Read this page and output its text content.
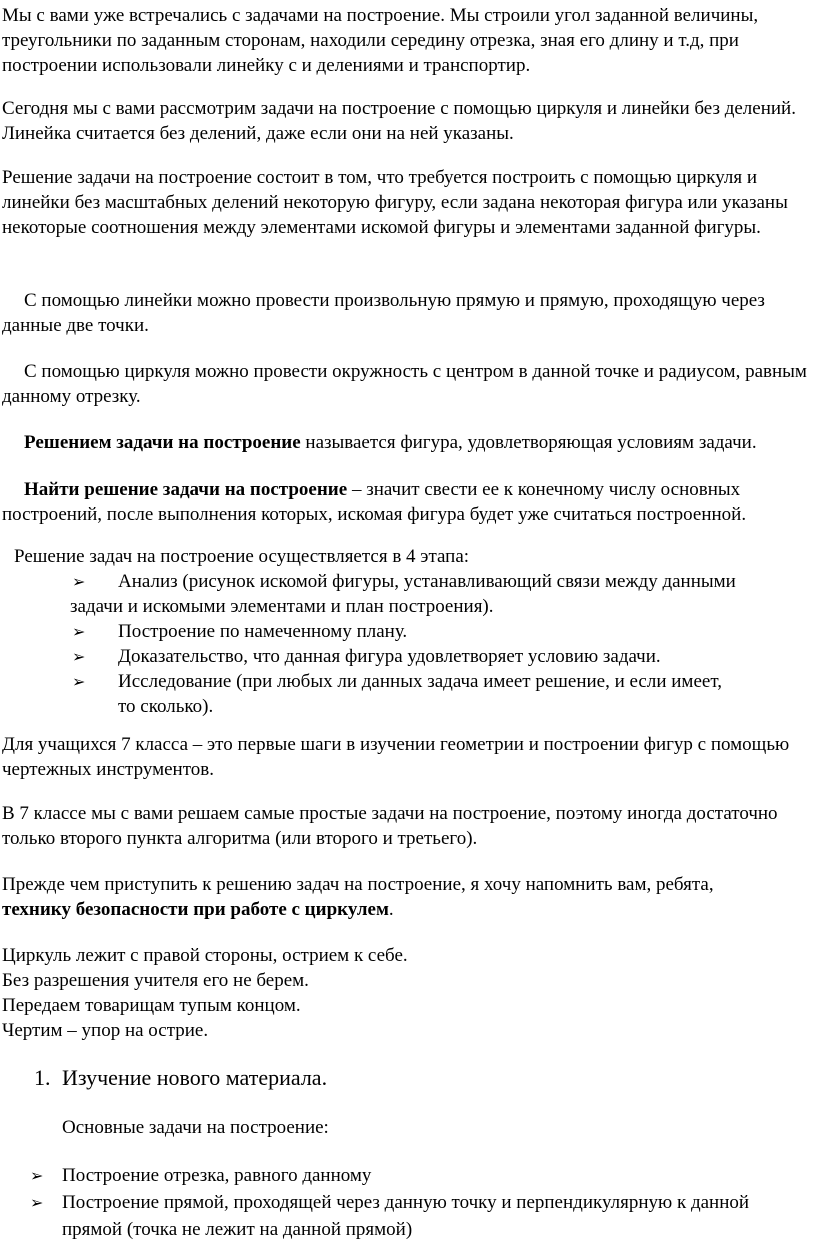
Мы с вами уже встречались с задачами на построение. Мы строили угол заданной величины, треугольники по заданным сторонам, находили середину отрезка, зная его длину и т.д, при построении использовали линейку с и делениями и транспортир.

Сегодня мы с вами рассмотрим задачи на построение с помощью циркуля и линейки без делений. Линейка считается без делений, даже если они на ней указаны.

Решение задачи на построение состоит в том, что требуется построить с помощью циркуля и линейки без масштабных делений некоторую фигуру, если задана некоторая фигура или указаны некоторые соотношения между элементами искомой фигуры и элементами заданной фигуры.

С помощью линейки можно провести произвольную прямую и прямую, проходящую через данные две точки.

С помощью циркуля можно провести окружность с центром в данной точке и радиусом, равным данному отрезку.

Решением задачи на построение называется фигура, удовлетворяющая условиям задачи.

Найти решение задачи на построение – значит свести ее к конечному числу основных построений, после выполнения которых, искомая фигура будет уже считаться построенной.

Решение задач на построение осуществляется в 4 этапа:

➢	Анализ (рисунок искомой фигуры, устанавливающий связи между данными
задачи и искомыми элементами и план построения).
➢	Построение по намеченному плану.
➢	Доказательство, что данная фигура удовлетворяет условию задачи.
➢	Исследование (при любых ли данных задача имеет решение, и если имеет,
то сколько).

Для учащихся 7 класса – это первые шаги в изучении геометрии и построении фигур с помощью чертежных инструментов.

В 7 классе мы с вами решаем самые простые задачи на построение, поэтому иногда достаточно только второго пункта алгоритма (или второго и третьего).

Прежде чем приступить к решению задач на построение, я хочу напомнить вам, ребята,
технику безопасности при работе с циркулем.

Циркуль лежит с правой стороны, острием к себе.

Без разрешения учителя его не берем.

Передаем товарищам тупым концом.

Чертим – упор на острие.

1. Изучение нового материала.

Основные задачи на построение:

➢ Построение отрезка, равного данному
➢ Построение прямой, проходящей через данную точку и перпендикулярную к данной
прямой (точка не лежит на данной прямой)
